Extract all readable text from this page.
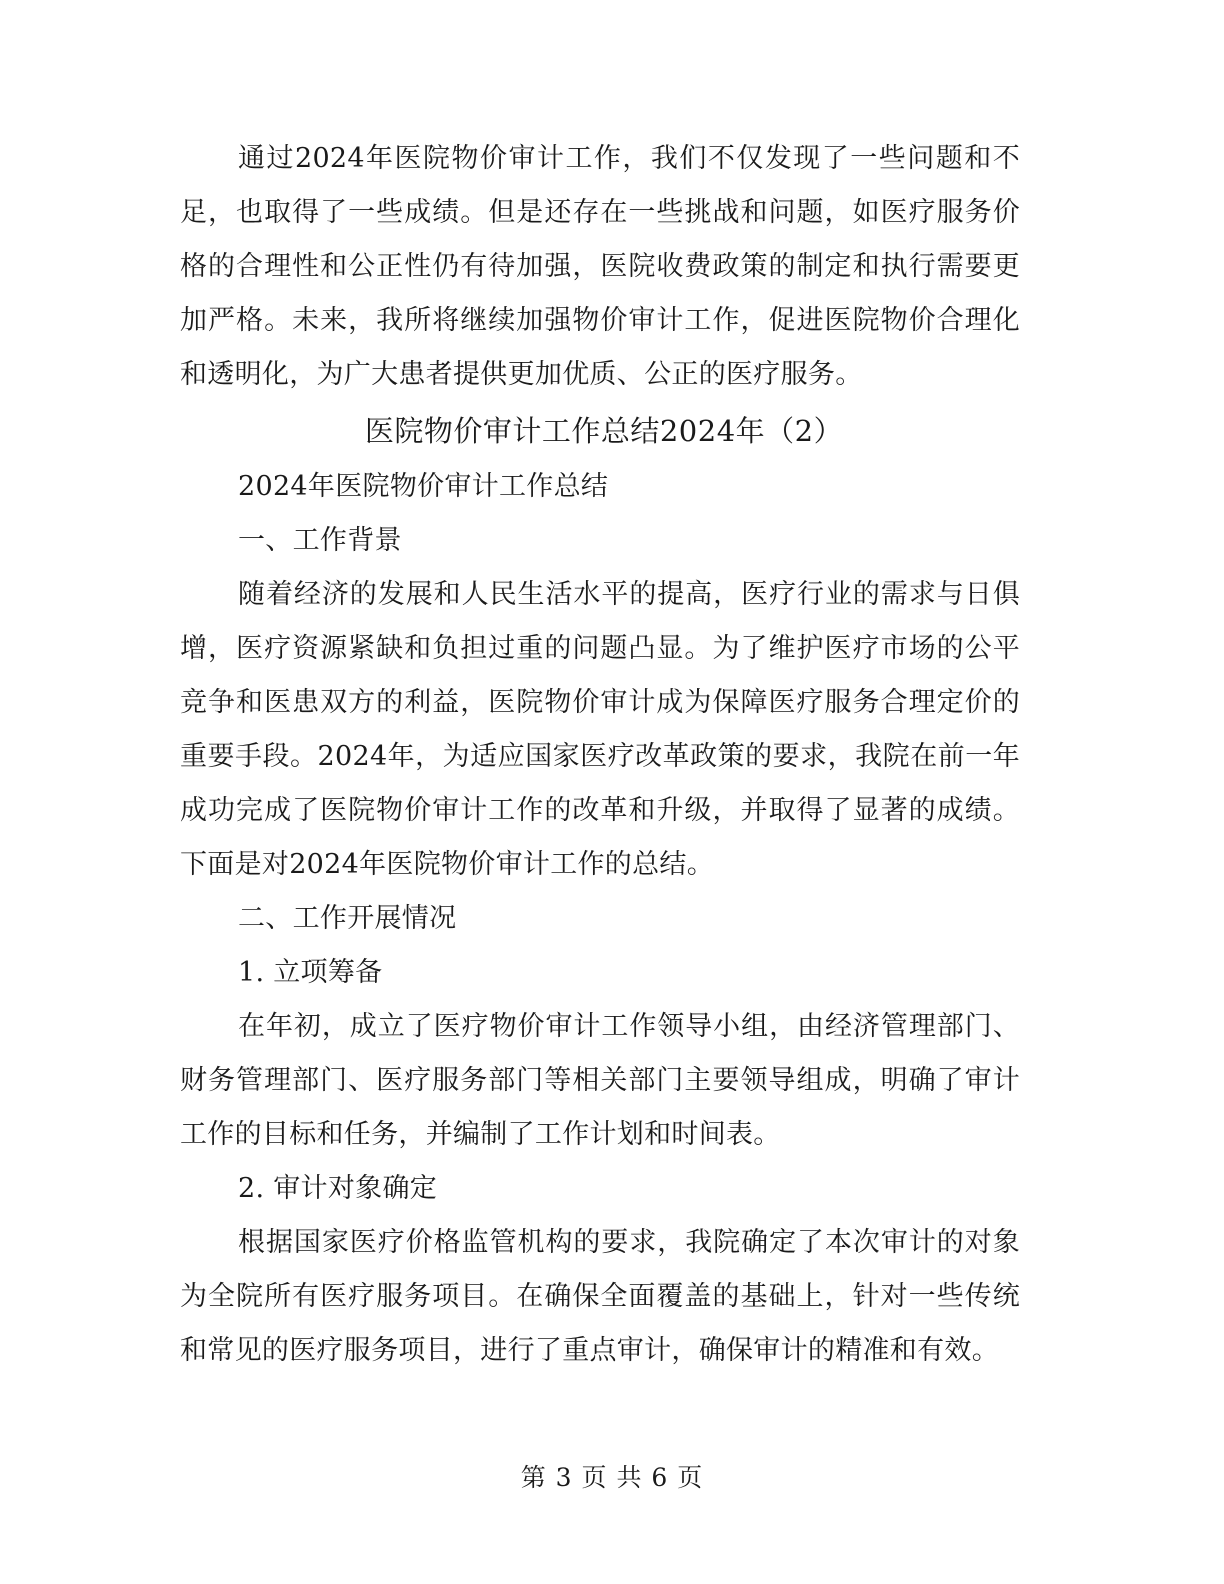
通过2024年医院物价审计工作，我们不仅发现了一些问题和不足，也取得了一些成绩。但是还存在一些挑战和问题，如医疗服务价格的合理性和公正性仍有待加强，医院收费政策的制定和执行需要更加严格。未来，我所将继续加强物价审计工作，促进医院物价合理化和透明化，为广大患者提供更加优质、公正的医疗服务。

医院物价审计工作总结2024年（2）

2024年医院物价审计工作总结

一、工作背景

随着经济的发展和人民生活水平的提高，医疗行业的需求与日俱增，医疗资源紧缺和负担过重的问题凸显。为了维护医疗市场的公平竞争和医患双方的利益，医院物价审计成为保障医疗服务合理定价的重要手段。2024年，为适应国家医疗改革政策的要求，我院在前一年成功完成了医院物价审计工作的改革和升级，并取得了显著的成绩。下面是对2024年医院物价审计工作的总结。

二、工作开展情况

1. 立项筹备

在年初，成立了医疗物价审计工作领导小组，由经济管理部门、财务管理部门、医疗服务部门等相关部门主要领导组成，明确了审计工作的目标和任务，并编制了工作计划和时间表。

2. 审计对象确定

根据国家医疗价格监管机构的要求，我院确定了本次审计的对象为全院所有医疗服务项目。在确保全面覆盖的基础上，针对一些传统和常见的医疗服务项目，进行了重点审计，确保审计的精准和有效。

第 3 页 共 6 页
